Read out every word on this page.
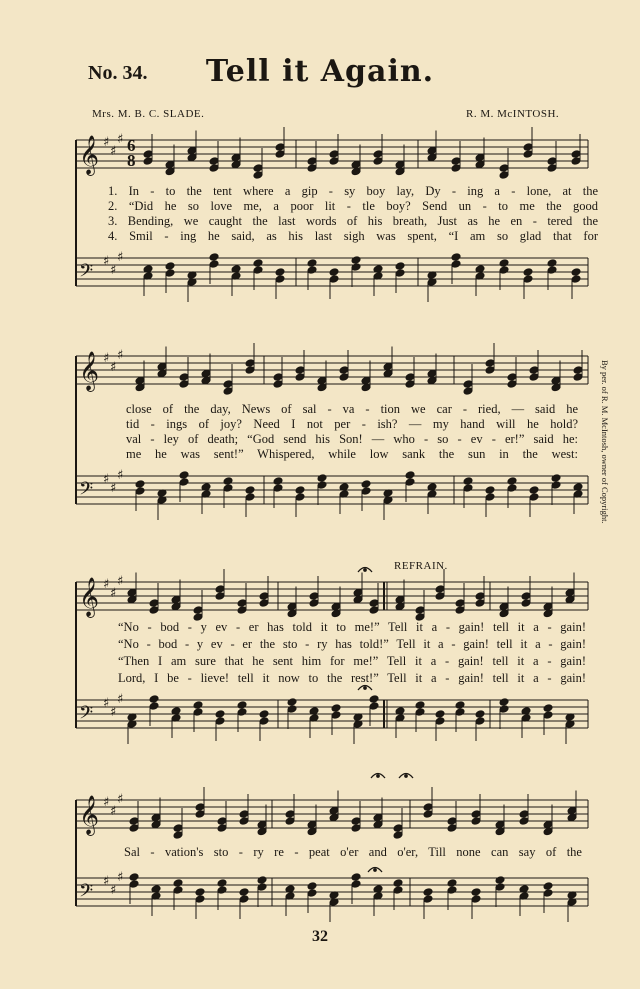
No. 34.	Tell it Again.
Mrs. M. B. C. SLADE.	R. M. McINTOSH.
𝄞
𝄢
𝄞
𝄢
𝄞
𝄢
𝄞
𝄢
♯
♯
♯
♯
♯
♯
♯
♯
♯
♯
♯
♯
♯
♯
♯
♯
♯
♯
♯
♯
♯
♯
♯
♯
6
8
1. In - to the tent where a gip - sy boy lay, Dy - ing a - lone, at the
2. “Did he so love me, a poor lit - tle boy? Send un - to me the good
3. Bending, we caught the last words of his breath, Just as he en - tered the
4. Smil - ing he said, as his last sigh was spent, “I am so glad that for
close of the day, News of sal - va - tion we car - ried, — said he
tid - ings of joy? Need I not per - ish? — my hand will he hold?
val - ley of death; “God send his Son! — who - so - ev - er!” said he:
me he was sent!” Whispered, while low sank the sun in the west:
REFRAIN.
“No - bod - y ev - er has told it to me!” Tell it a - gain! tell it a - gain!
“No - bod - y ev - er the sto - ry has told!” Tell it a - gain! tell it a - gain!
“Then I am sure that he sent him for me!” Tell it a - gain! tell it a - gain!
Lord, I be - lieve! tell it now to the rest!” Tell it a - gain! tell it a - gain!
Sal - vation's sto - ry re - peat o'er and o'er, Till none can say of the
By per. of R. M. McIntosh, owner of Copyright.
32
